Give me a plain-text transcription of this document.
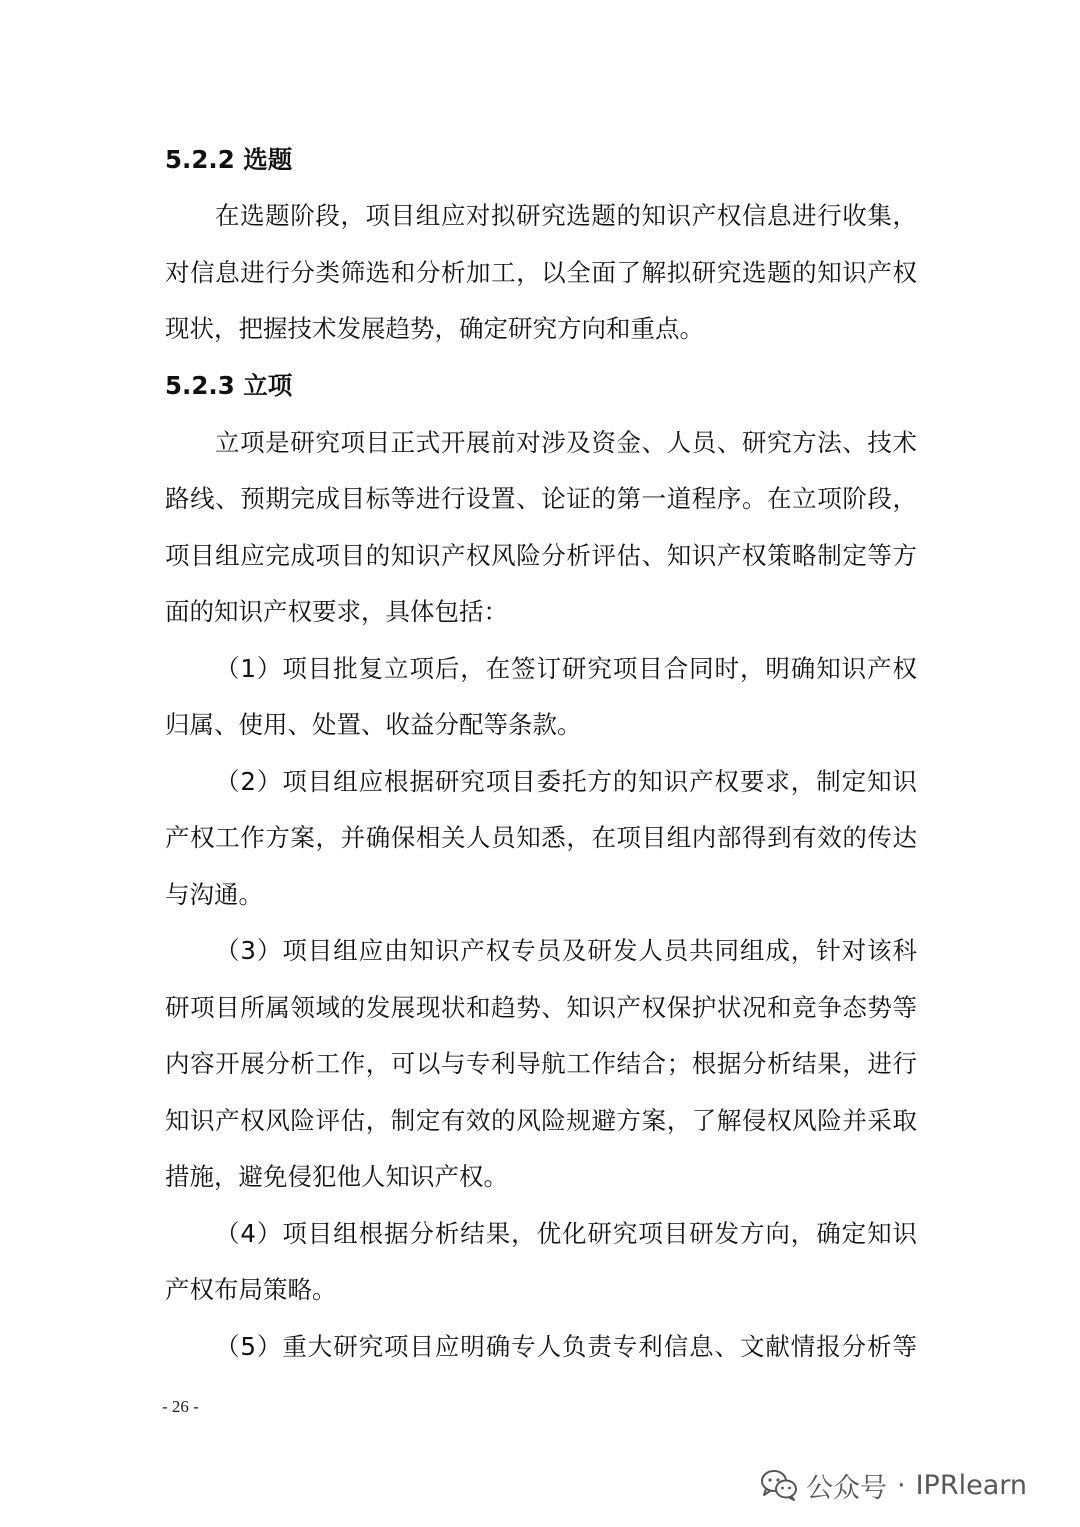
5.2.2 选题
在选题阶段，项目组应对拟研究选题的知识产权信息进行收集，
对信息进行分类筛选和分析加工，以全面了解拟研究选题的知识产权
现状，把握技术发展趋势，确定研究方向和重点。
5.2.3 立项
立项是研究项目正式开展前对涉及资金、人员、研究方法、技术
路线、预期完成目标等进行设置、论证的第一道程序。在立项阶段，
项目组应完成项目的知识产权风险分析评估、知识产权策略制定等方
面的知识产权要求，具体包括：
（1）项目批复立项后，在签订研究项目合同时，明确知识产权
归属、使用、处置、收益分配等条款。
（2）项目组应根据研究项目委托方的知识产权要求，制定知识
产权工作方案，并确保相关人员知悉，在项目组内部得到有效的传达
与沟通。
（3）项目组应由知识产权专员及研发人员共同组成，针对该科
研项目所属领域的发展现状和趋势、知识产权保护状况和竞争态势等
内容开展分析工作，可以与专利导航工作结合；根据分析结果，进行
知识产权风险评估，制定有效的风险规避方案，了解侵权风险并采取
措施，避免侵犯他人知识产权。
（4）项目组根据分析结果，优化研究项目研发方向，确定知识
产权布局策略。
（5）重大研究项目应明确专人负责专利信息、文献情报分析等
- 26 -
公众号 · IPRlearn
